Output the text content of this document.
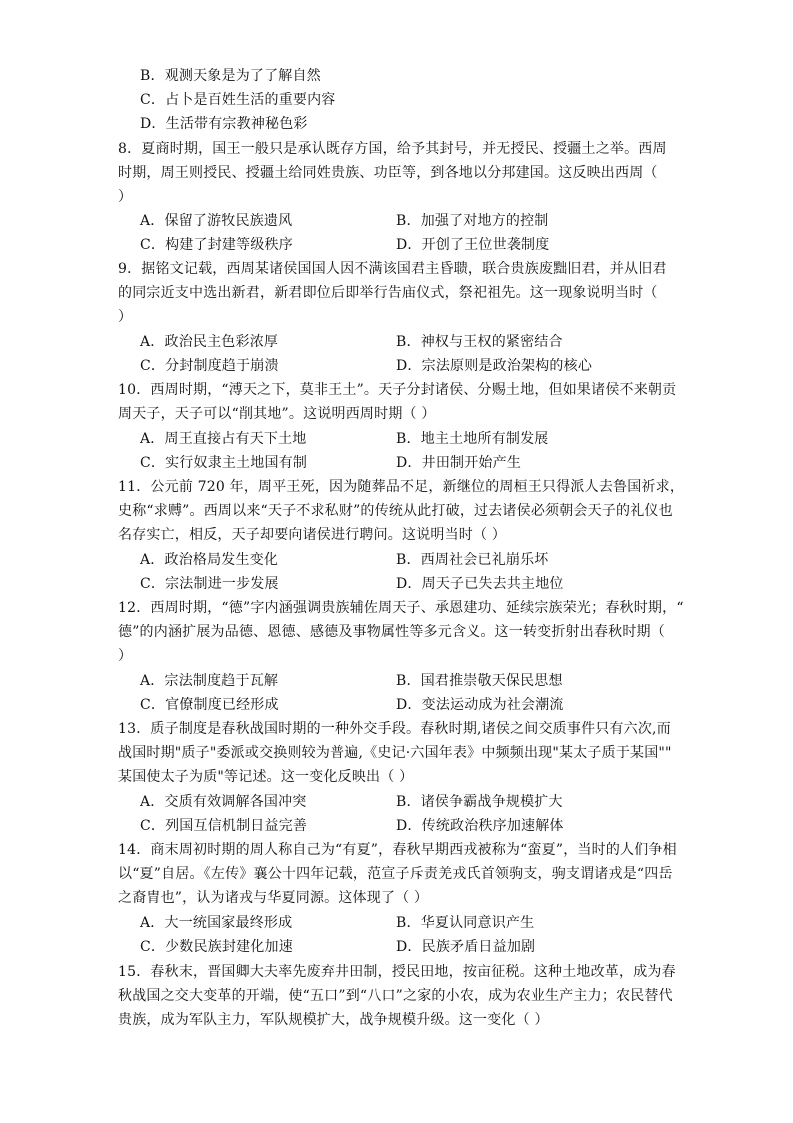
B．观测天象是为了了解自然
C．占卜是百姓生活的重要内容
D．生活带有宗教神秘色彩
8．夏商时期，国王一般只是承认既存方国，给予其封号，并无授民、授疆土之举。西周
时期，周王则授民、授疆土给同姓贵族、功臣等，到各地以分邦建国。这反映出西周（
）
A．保留了游牧民族遗风	B．加强了对地方的控制
C．构建了封建等级秩序	D．开创了王位世袭制度
9．据铭文记载，西周某诸侯国国人因不满该国君主昏聩，联合贵族废黜旧君，并从旧君
的同宗近支中选出新君，新君即位后即举行告庙仪式，祭祀祖先。这一现象说明当时（
）
A．政治民主色彩浓厚	B．神权与王权的紧密结合
C．分封制度趋于崩溃	D．宗法原则是政治架构的核心
10．西周时期，“溥天之下，莫非王土”。天子分封诸侯、分赐土地，但如果诸侯不来朝贡
周天子，天子可以“削其地”。这说明西周时期（ ）
A．周王直接占有天下土地	B．地主土地所有制发展
C．实行奴隶主土地国有制	D．井田制开始产生
11．公元前 720 年，周平王死，因为随葬品不足，新继位的周桓王只得派人去鲁国祈求，
史称“求赙”。西周以来“天子不求私财”的传统从此打破，过去诸侯必须朝会天子的礼仪也
名存实亡，相反，天子却要向诸侯进行聘问。这说明当时（ ）
A．政治格局发生变化	B．西周社会已礼崩乐坏
C．宗法制进一步发展	D．周天子已失去共主地位
12．西周时期，“德”字内涵强调贵族辅佐周天子、承恩建功、延续宗族荣光；春秋时期，“
德”的内涵扩展为品德、恩德、感德及事物属性等多元含义。这一转变折射出春秋时期（
）
A．宗法制度趋于瓦解	B．国君推崇敬天保民思想
C．官僚制度已经形成	D．变法运动成为社会潮流
13．质子制度是春秋战国时期的一种外交手段。春秋时期,诸侯之间交质事件只有六次,而
战国时期"质子"委派或交换则较为普遍,《史记·六国年表》中频频出现"某太子质于某国""
某国使太子为质"等记述。这一变化反映出（ ）
A．交质有效调解各国冲突	B．诸侯争霸战争规模扩大
C．列国互信机制日益完善	D．传统政治秩序加速解体
14．商末周初时期的周人称自己为“有夏”，春秋早期西戎被称为“蛮夏”，当时的人们争相
以“夏”自居。《左传》襄公十四年记载，范宣子斥责羌戎氏首领驹支，驹支谓诸戎是“四岳
之裔胄也”，认为诸戎与华夏同源。这体现了（ ）
A．大一统国家最终形成	B．华夏认同意识产生
C．少数民族封建化加速	D．民族矛盾日益加剧
15．春秋末，晋国卿大夫率先废弃井田制，授民田地，按亩征税。这种土地改革，成为春
秋战国之交大变革的开端，使“五口”到“八口”之家的小农，成为农业生产主力；农民替代
贵族，成为军队主力，军队规模扩大，战争规模升级。这一变化（ ）
